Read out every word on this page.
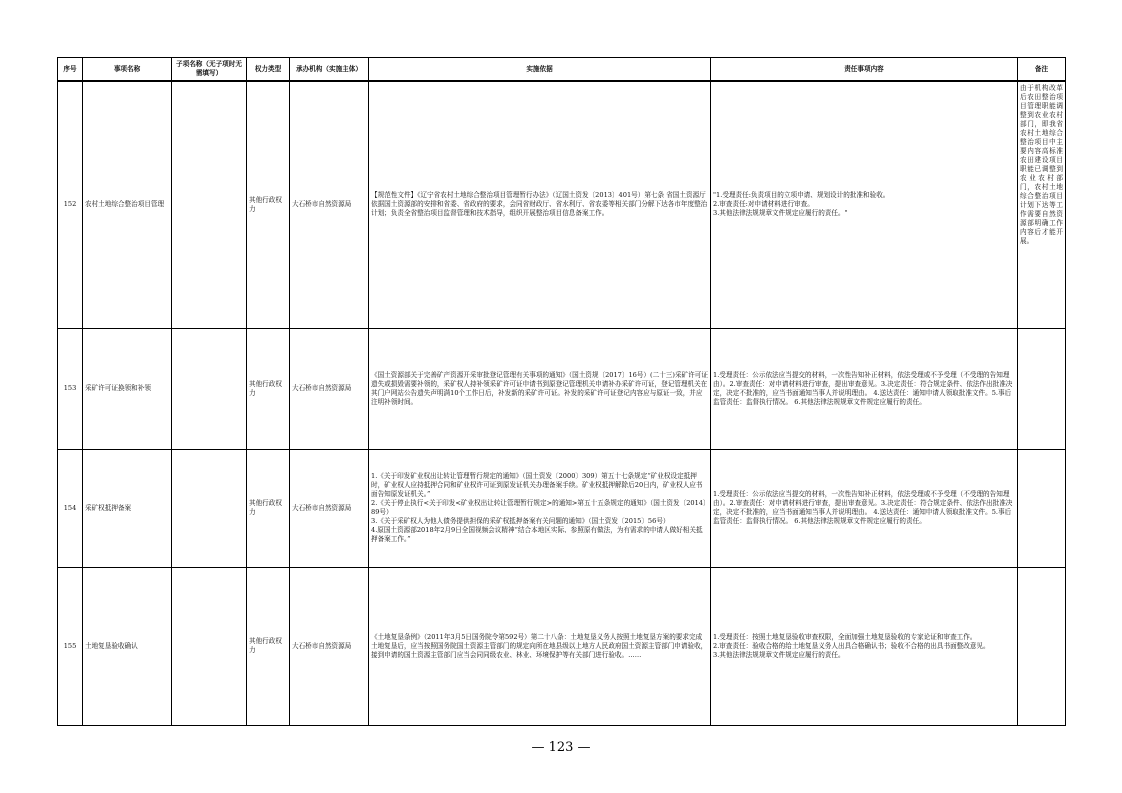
序号	事项名称	子项名称（无子项时无需填写）	权力类型	承办机构（实施主体）	实施依据	责任事项内容	备注
152	农村土地综合整治项目管理		其他行政权力	大石桥市自然资源局	【规范性文件】《辽宁省农村土地综合整治项目管理暂行办法》（辽国土资发〔2013〕401号）第七条 省国土资源厅依据国土资源部的安排和省委、省政府的要求，会同省财政厅、省水利厅、省农委等相关部门分解下达各市年度整治计划；负责全省整治项目监督管理和技术指导，组织开展整治项目信息备案工作。	"1.受理责任:负责项目的立项申请、规划设计的批准和验收。
2.审查责任:对申请材料进行审查。
3.其他法律法规规章文件规定应履行的责任。"	由于机构改革后农田整治项目管理职能调整到农业农村部门，即我省农村土地综合整治项目中主要内容高标准农田建设项目职能已调整到农业农村部门，农村土地综合整治项目计划下达等工作需要自然资源部明确工作内容后才能开展。
153	采矿许可证换领和补领		其他行政权力	大石桥市自然资源局	《国土资源部关于完善矿产资源开采审批登记管理有关事项的通知》（国土资规〔2017〕16号）(二十三)采矿许可证遗失或损毁需要补领的，采矿权人持补领采矿许可证申请书到原登记管理机关申请补办采矿许可证，登记管理机关在其门户网站公告遗失声明满10个工作日后，补发新的采矿许可证。补发的采矿许可证登记内容应与原证一致，并应注明补领时间。	1.受理责任：公示依法应当提交的材料，一次性告知补正材料，依法受理或不予受理（不受理的告知理由）。2.审查责任：对申请材料进行审查，提出审查意见。3.决定责任：符合规定条件、依法作出批准决定，决定不批准的，应当书面通知当事人并说明理由。 4.送达责任：通知申请人领取批准文件。5.事后监管责任：监督执行情况。 6.其他法律法规规章文件规定应履行的责任。	
154	采矿权抵押备案		其他行政权力	大石桥市自然资源局	1.《关于印发矿业权出让转让管理暂行规定的通知》（国土资发〔2000〕309）第五十七条规定“矿业权设定抵押时，矿业权人应持抵押合同和矿业权许可证到原发证机关办理备案手续。矿业权抵押解除后20日内，矿业权人应书面告知原发证机关。”
2.《关于停止执行<关于印发<矿业权出让转让管理暂行规定>的通知>第五十五条规定的通知》（国土资发〔2014〕89号）
3.《关于采矿权人为他人债务提供担保的采矿权抵押备案有关问题的通知》（国土资发〔2015〕56号）
4.原国土资源部2018年2月9日全国视频会议精神“结合本地区实际、参照原有做法，为有需求的申请人做好相关抵押备案工作。”	1.受理责任：公示依法应当提交的材料，一次性告知补正材料，依法受理或不予受理（不受理的告知理由）。2.审查责任：对申请材料进行审查，提出审查意见。3.决定责任：符合规定条件、依法作出批准决定，决定不批准的，应当书面通知当事人并说明理由。 4.送达责任：通知申请人领取批准文件。5.事后监管责任：监督执行情况。 6.其他法律法规规章文件规定应履行的责任。	
155	土地复垦验收确认		其他行政权力	大石桥市自然资源局	《土地复垦条例》（2011年3月5日国务院令第592号）第二十八条：土地复垦义务人按照土地复垦方案的要求完成土地复垦后，应当按照国务院国土资源主管部门的规定向所在地县级以上地方人民政府国土资源主管部门申请验收，接到申请的国土资源主管部门应当会同同级农业、林业、环境保护等有关部门进行验收。……	1.受理责任：按照土地复垦验收审查权限，全面加强土地复垦验收的专家论证和审查工作。
2.审查责任：验收合格的给土地复垦义务人出具合格确认书；验收不合格的出具书面整改意见。
3.其他法律法规规章文件规定应履行的责任。	
— 123 —
